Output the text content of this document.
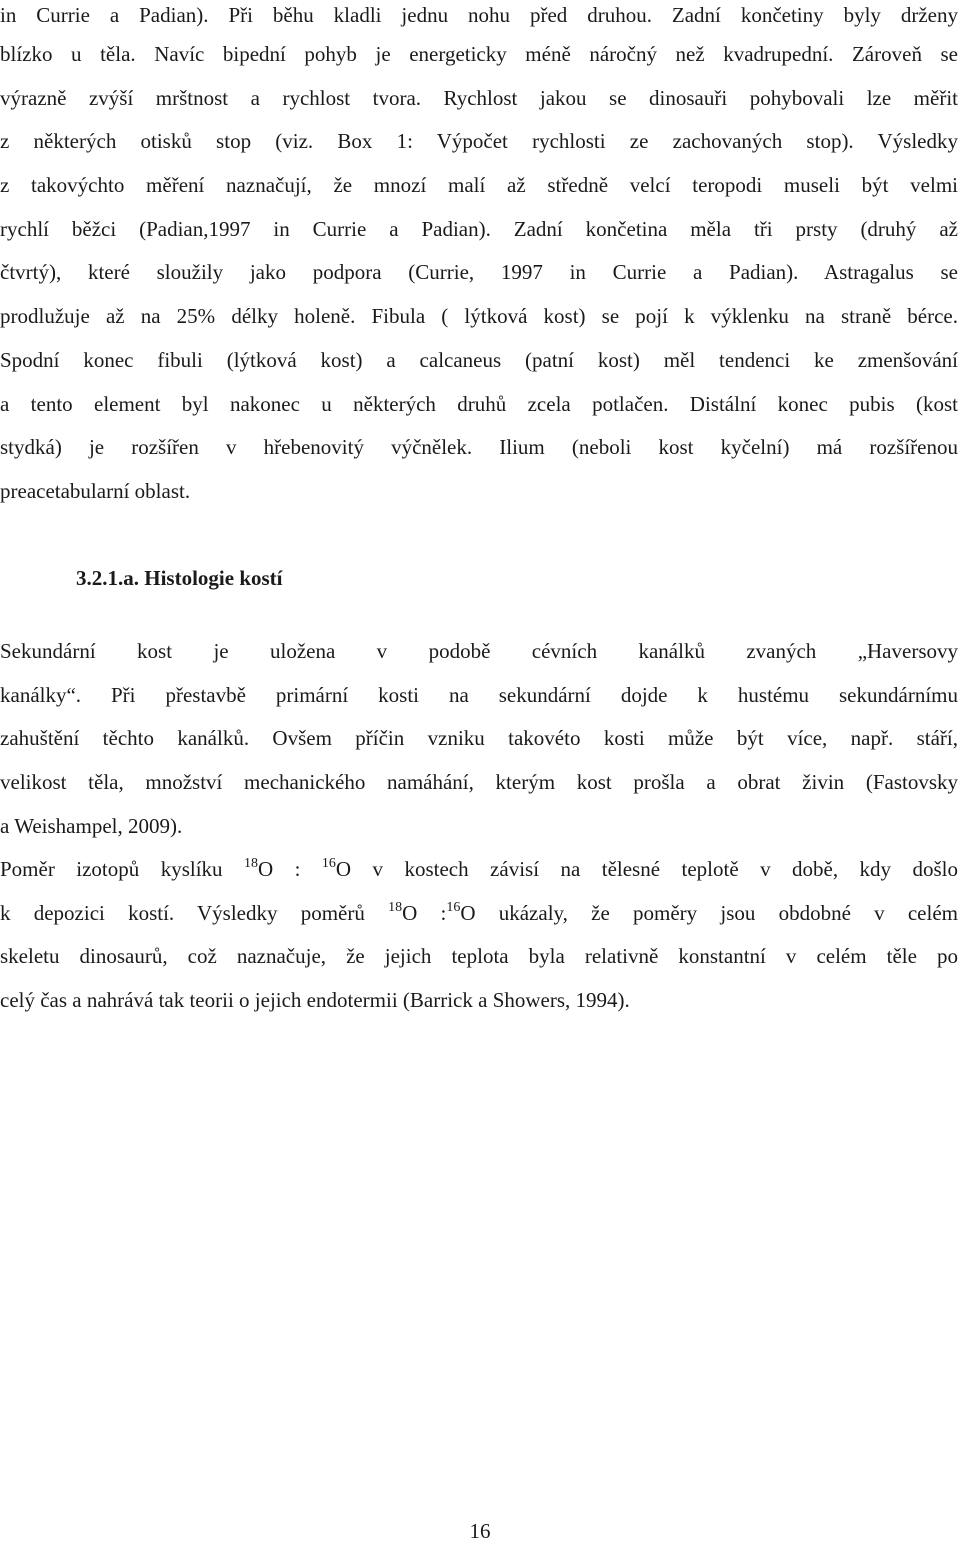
in Currie a Padian). Při běhu kladli jednu nohu před druhou. Zadní končetiny byly drženy
blízko u těla. Navíc bipední pohyb je energeticky méně náročný než kvadrupední. Zároveň se
výrazně zvýší mrštnost a rychlost tvora. Rychlost jakou se dinosauři pohybovali lze měřit
z některých otisků stop (viz. Box 1: Výpočet rychlosti ze zachovaných stop). Výsledky
z takovýchto měření naznačují, že mnozí malí až středně velcí teropodi museli být velmi
rychlí běžci (Padian,1997 in Currie a Padian). Zadní končetina měla tři prsty (druhý až
čtvrtý), které sloužily jako podpora (Currie, 1997 in Currie a Padian). Astragalus se
prodlužuje až na 25% délky holeně. Fibula ( lýtková kost) se pojí k výklenku na straně bérce.
Spodní konec fibuli (lýtková kost) a calcaneus (patní kost) měl tendenci ke zmenšování
a tento element byl nakonec u některých druhů zcela potlačen. Distální konec pubis (kost
stydká) je rozšířen v hřebenovitý výčnělek. Ilium (neboli kost kyčelní) má rozšířenou
preacetabularní oblast.
3.2.1.a. Histologie kostí
Sekundární kost je uložena v podobě cévních kanálků zvaných „Haversovy
kanálky“. Při přestavbě primární kosti na sekundární dojde k hustému sekundárnímu
zahuštění těchto kanálků. Ovšem příčin vzniku takovéto kosti může být více, např. stáří,
velikost těla, množství mechanického namáhání, kterým kost prošla a obrat živin (Fastovsky
a Weishampel, 2009).
Poměr izotopů kyslíku $^{18}$O : $^{16}$O v kostech závisí na tělesné teplotě v době, kdy došlo
k depozici kostí. Výsledky poměrů $^{18}$O :$^{16}$O ukázaly, že poměry jsou obdobné v celém
skeletu dinosaurů, což naznačuje, že jejich teplota byla relativně konstantní v celém těle po
celý čas a nahrává tak teorii o jejich endotermii (Barrick a Showers, 1994).
16
